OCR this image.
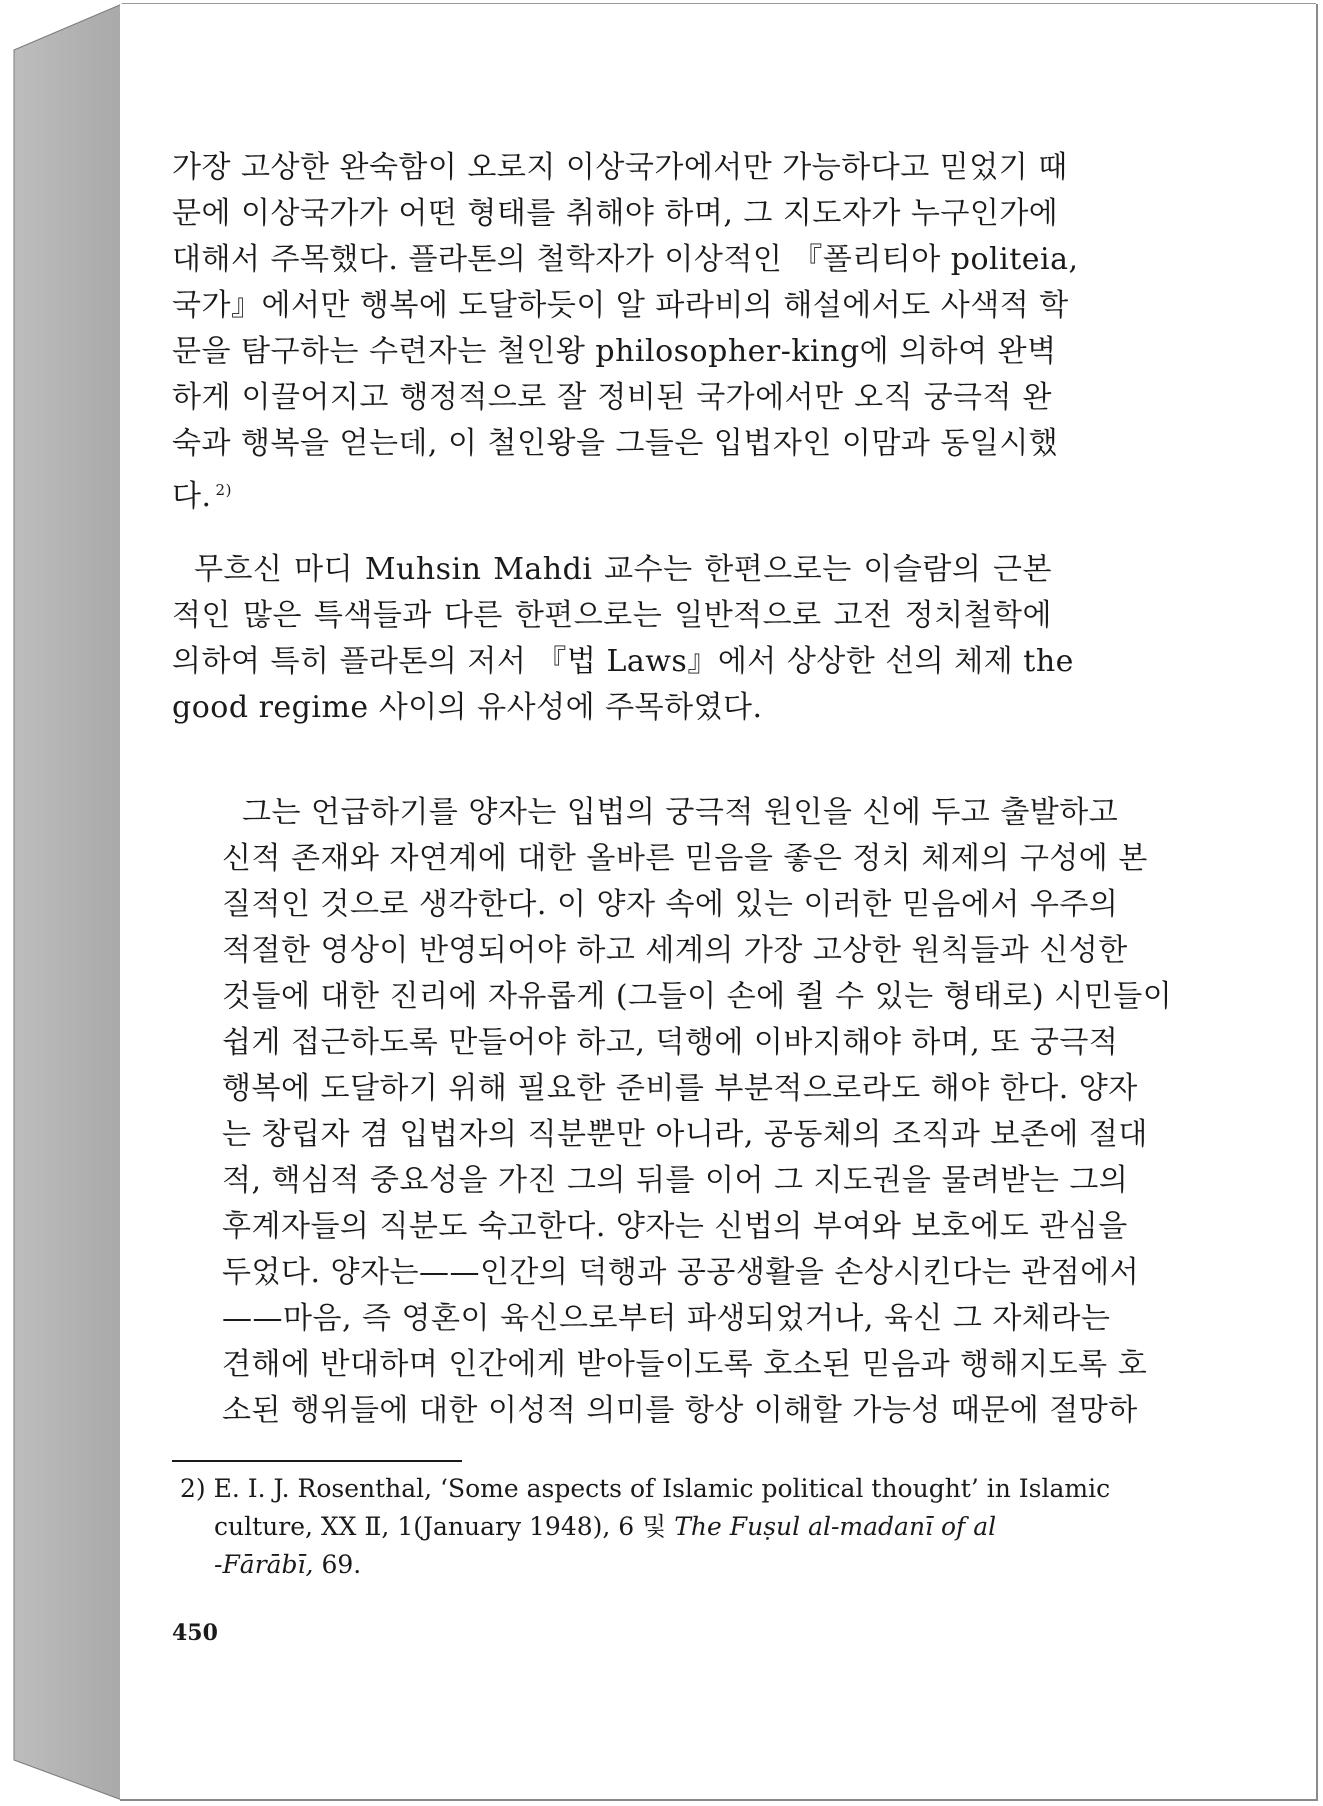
가장 고상한 완숙함이 오로지 이상국가에서만 가능하다고 믿었기 때
문에 이상국가가 어떤 형태를 취해야 하며, 그 지도자가 누구인가에
대해서 주목했다. 플라톤의 철학자가 이상적인 『폴리티아 politeia,
국가』에서만 행복에 도달하듯이 알 파라비의 해설에서도 사색적 학
문을 탐구하는 수련자는 철인왕 philosopher-king에 의하여 완벽
하게 이끌어지고 행정적으로 잘 정비된 국가에서만 오직 궁극적 완
숙과 행복을 얻는데, 이 철인왕을 그들은 입법자인 이맘과 동일시했
다. $^{2)}$
무흐신 마디 Muhsin Mahdi 교수는 한편으로는 이슬람의 근본
적인 많은 특색들과 다른 한편으로는 일반적으로 고전 정치철학에
의하여 특히 플라톤의 저서 『법 Laws』에서 상상한 선의 체제 the
good regime 사이의 유사성에 주목하였다.
그는 언급하기를 양자는 입법의 궁극적 원인을 신에 두고 출발하고
신적 존재와 자연계에 대한 올바른 믿음을 좋은 정치 체제의 구성에 본
질적인 것으로 생각한다. 이 양자 속에 있는 이러한 믿음에서 우주의
적절한 영상이 반영되어야 하고 세계의 가장 고상한 원칙들과 신성한
것들에 대한 진리에 자유롭게 (그들이 손에 쥘 수 있는 형태로) 시민들이
쉽게 접근하도록 만들어야 하고, 덕행에 이바지해야 하며, 또 궁극적
행복에 도달하기 위해 필요한 준비를 부분적으로라도 해야 한다. 양자
는 창립자 겸 입법자의 직분뿐만 아니라, 공동체의 조직과 보존에 절대
적, 핵심적 중요성을 가진 그의 뒤를 이어 그 지도권을 물려받는 그의
후계자들의 직분도 숙고한다. 양자는 신법의 부여와 보호에도 관심을
두었다. 양자는——인간의 덕행과 공공생활을 손상시킨다는 관점에서
——마음, 즉 영혼이 육신으로부터 파생되었거나, 육신 그 자체라는
견해에 반대하며 인간에게 받아들이도록 호소된 믿음과 행해지도록 호
소된 행위들에 대한 이성적 의미를 항상 이해할 가능성 때문에 절망하
2) E. I. J. Rosenthal, ‘Some aspects of Islamic political thought’ in Islamic
culture, XX Ⅱ, 1(January 1948), 6 및 The Fuṣul al-madanī of al
-Fārābī, 69.
450
